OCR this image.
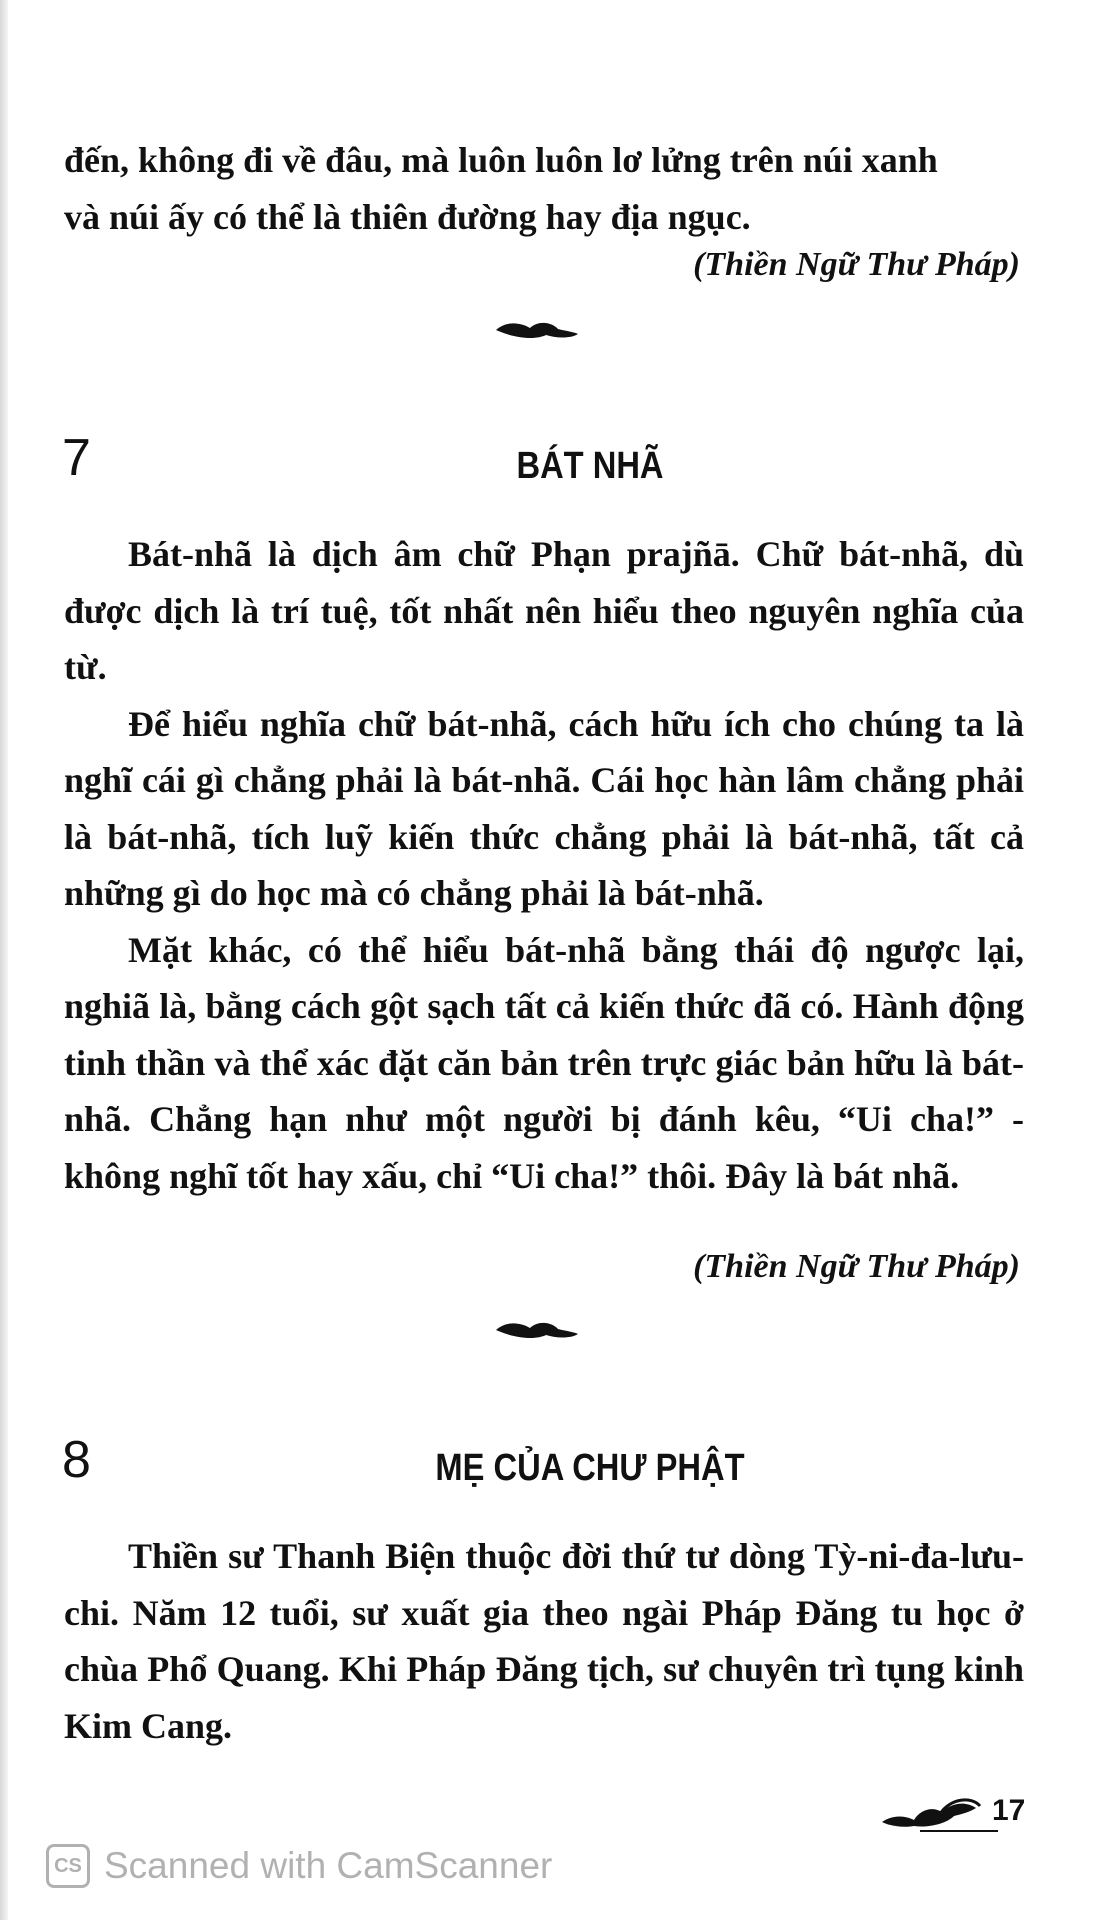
đến, không đi về đâu, mà luôn luôn lơ lửng trên núi xanh

và núi ấy có thể là thiên đường hay địa ngục.

(Thiền Ngữ Thư Pháp)
7	BÁT NHÃ

Bát-nhã là dịch âm chữ Phạn prajñā. Chữ bát-nhã, dù được dịch là trí tuệ, tốt nhất nên hiểu theo nguyên nghĩa của từ.

Để hiểu nghĩa chữ bát-nhã, cách hữu ích cho chúng ta là nghĩ cái gì chẳng phải là bát-nhã. Cái học hàn lâm chẳng phải là bát-nhã, tích luỹ kiến thức chẳng phải là bát-nhã, tất cả những gì do học mà có chẳng phải là bát-nhã.

Mặt khác, có thể hiểu bát-nhã bằng thái độ ngược lại, nghiã là, bằng cách gột sạch tất cả kiến thức đã có. Hành động tinh thần và thể xác đặt căn bản trên trực giác bản hữu là bát-nhã. Chẳng hạn như một người bị đánh kêu, “Ui cha!” - không nghĩ tốt hay xấu, chỉ “Ui cha!” thôi. Đây là bát nhã.

(Thiền Ngữ Thư Pháp)
8	MẸ CỦA CHƯ PHẬT

Thiền sư Thanh Biện thuộc đời thứ tư dòng Tỳ-ni-đa-lưu-chi. Năm 12 tuổi, sư xuất gia theo ngài Pháp Đăng tu học ở chùa Phổ Quang. Khi Pháp Đăng tịch, sư chuyên trì tụng kinh Kim Cang.

17
CS Scanned with CamScanner
